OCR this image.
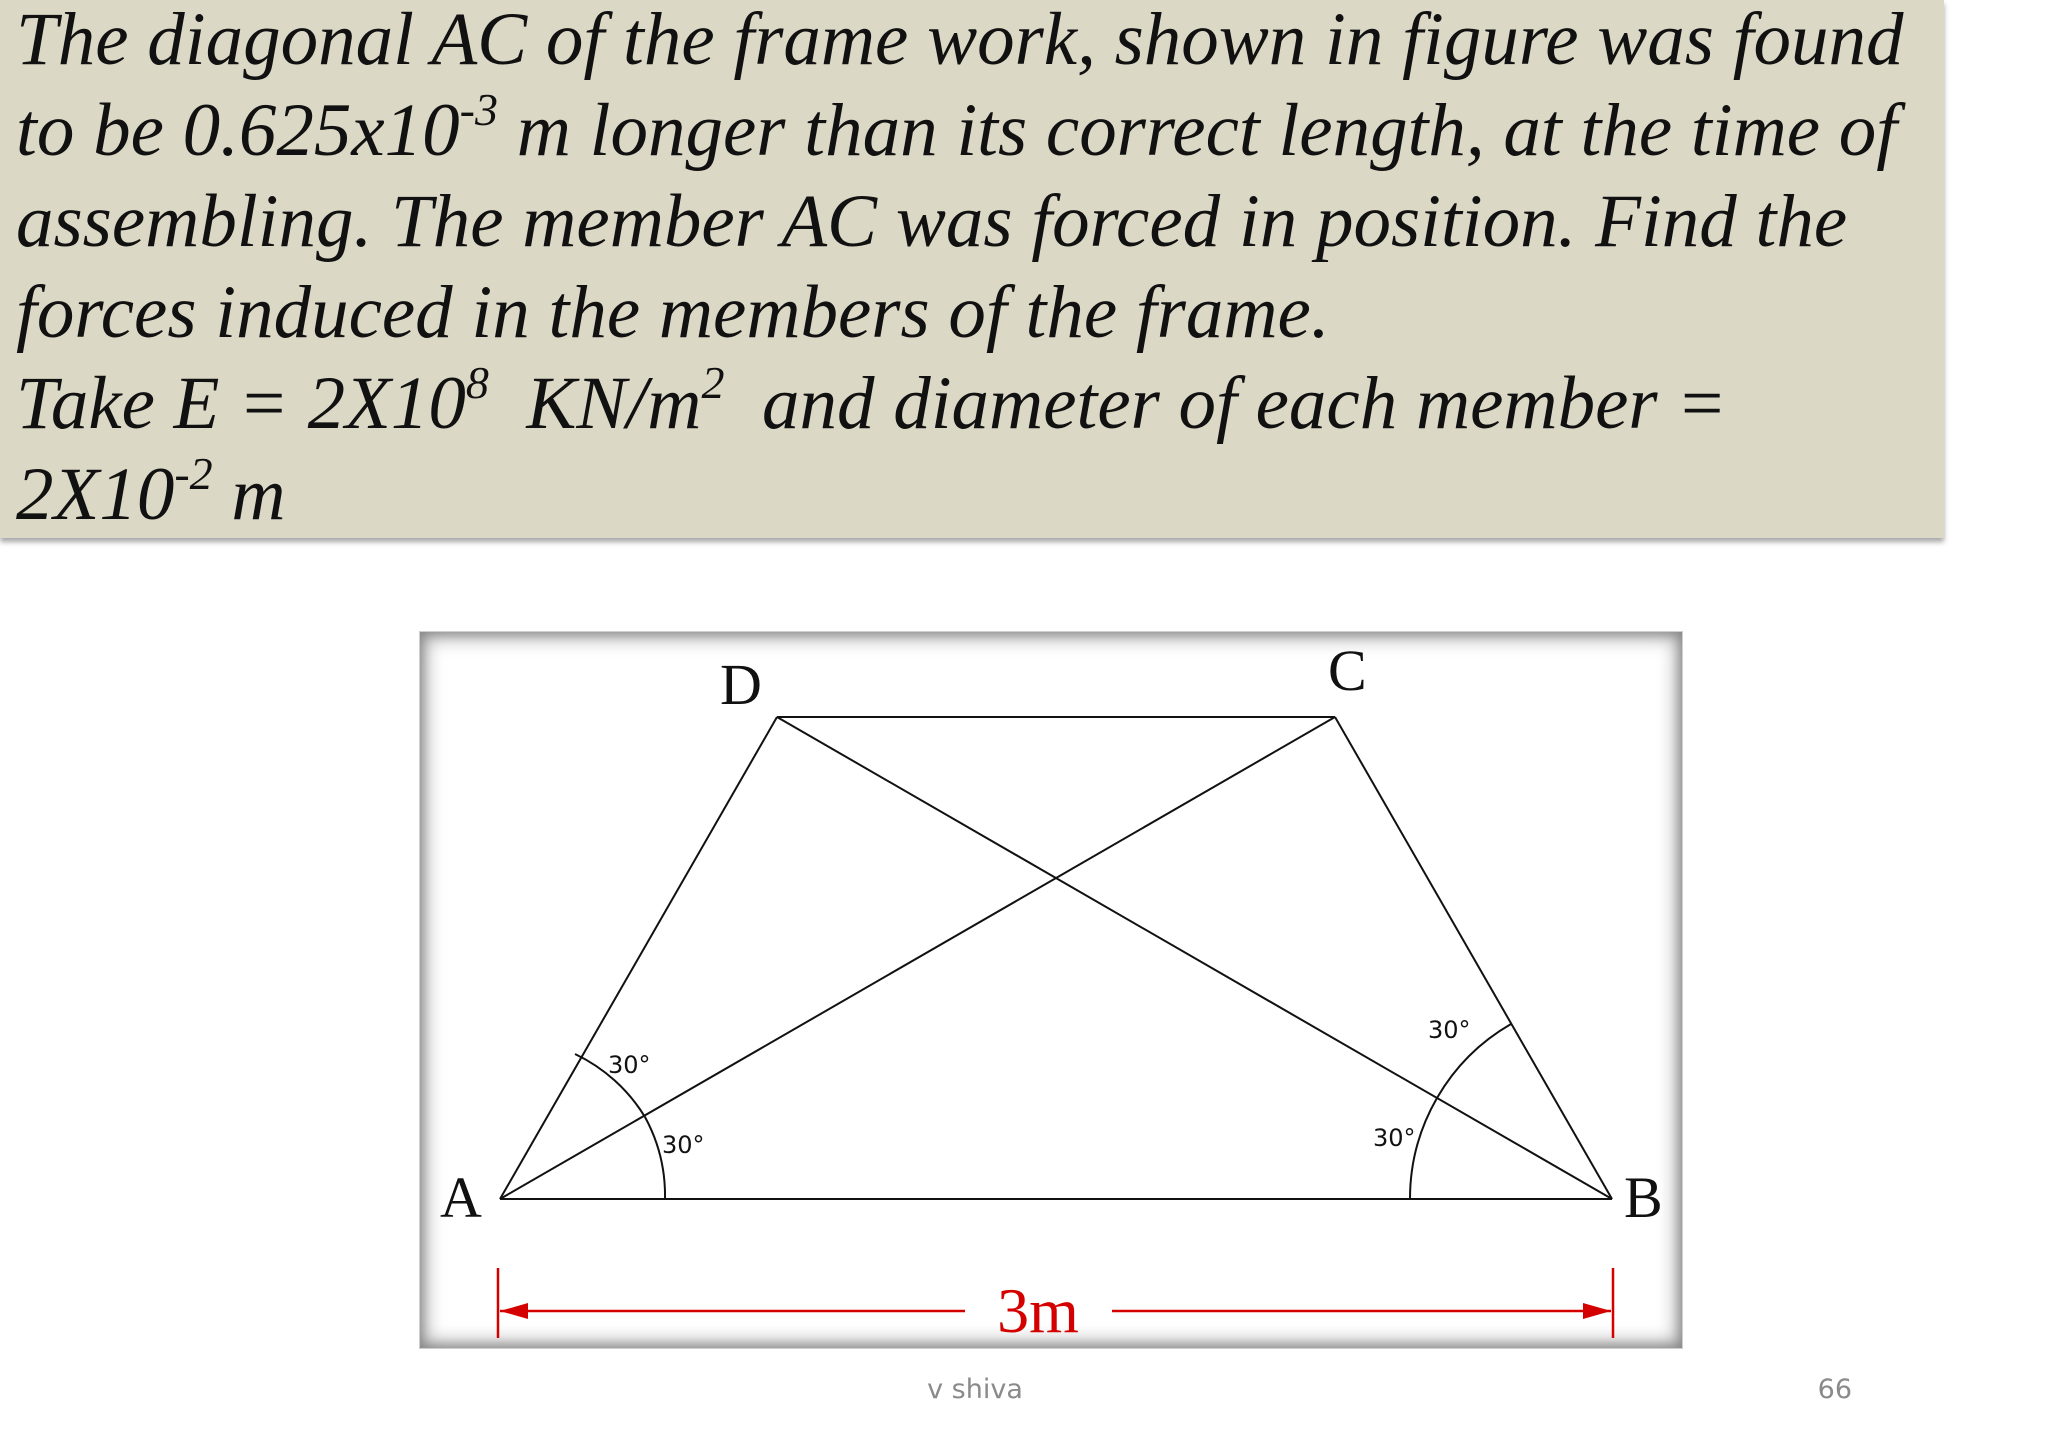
The diagonal AC of the frame work, shown in figure was found
to be $0.625x10^{-3}$ m longer than its correct length, at the time of
assembling. The member AC was forced in position. Find the
forces induced in the members of the frame.
Take $E = 2X10^8$  $KN/m^2$  and diameter of each member =
$2X10^{-2}$ m

30°
30°
30°
30°
A	B
C
D
3m
v shiva	66
